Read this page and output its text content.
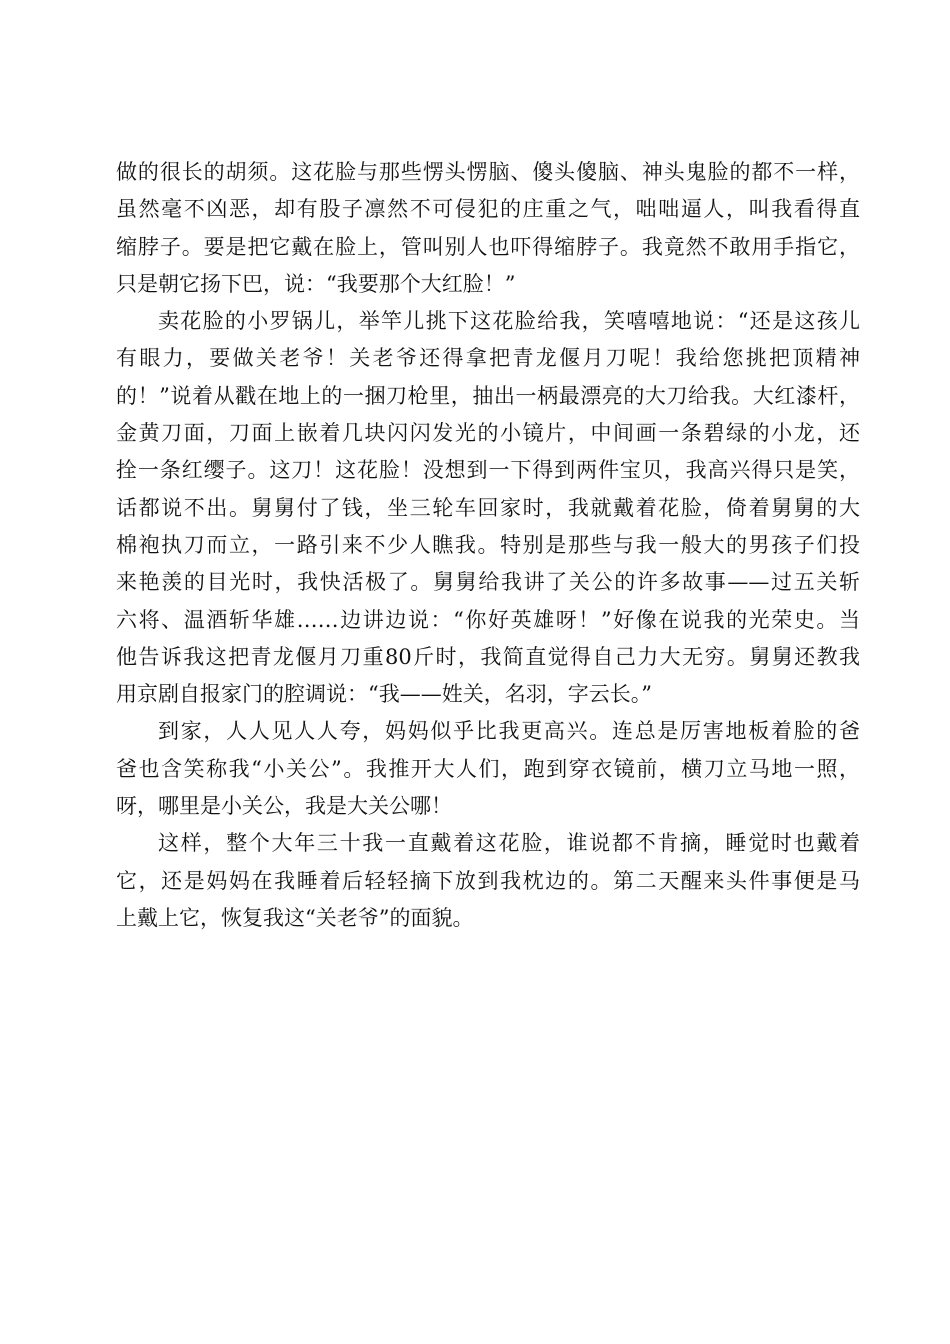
做的很长的胡须。这花脸与那些愣头愣脑、傻头傻脑、神头鬼脸的都不一样，
虽然毫不凶恶，却有股子凛然不可侵犯的庄重之气，咄咄逼人，叫我看得直
缩脖子。要是把它戴在脸上，管叫别人也吓得缩脖子。我竟然不敢用手指它，
只是朝它扬下巴，说：“我要那个大红脸！”
卖花脸的小罗锅儿，举竿儿挑下这花脸给我，笑嘻嘻地说：“还是这孩儿
有眼力，要做关老爷！关老爷还得拿把青龙偃月刀呢！我给您挑把顶精神
的！”说着从戳在地上的一捆刀枪里，抽出一柄最漂亮的大刀给我。大红漆杆，
金黄刀面，刀面上嵌着几块闪闪发光的小镜片，中间画一条碧绿的小龙，还
拴一条红缨子。这刀！这花脸！没想到一下得到两件宝贝，我高兴得只是笑，
话都说不出。舅舅付了钱，坐三轮车回家时，我就戴着花脸，倚着舅舅的大
棉袍执刀而立，一路引来不少人瞧我。特别是那些与我一般大的男孩子们投
来艳羡的目光时，我快活极了。舅舅给我讲了关公的许多故事——过五关斩
六将、温酒斩华雄……边讲边说：“你好英雄呀！”好像在说我的光荣史。当
他告诉我这把青龙偃月刀重80斤时，我简直觉得自己力大无穷。舅舅还教我
用京剧自报家门的腔调说：“我——姓关，名羽，字云长。”
到家，人人见人人夸，妈妈似乎比我更高兴。连总是厉害地板着脸的爸
爸也含笑称我“小关公”。我推开大人们，跑到穿衣镜前，横刀立马地一照，
呀，哪里是小关公，我是大关公哪！
这样，整个大年三十我一直戴着这花脸，谁说都不肯摘，睡觉时也戴着
它，还是妈妈在我睡着后轻轻摘下放到我枕边的。第二天醒来头件事便是马
上戴上它，恢复我这“关老爷”的面貌。
